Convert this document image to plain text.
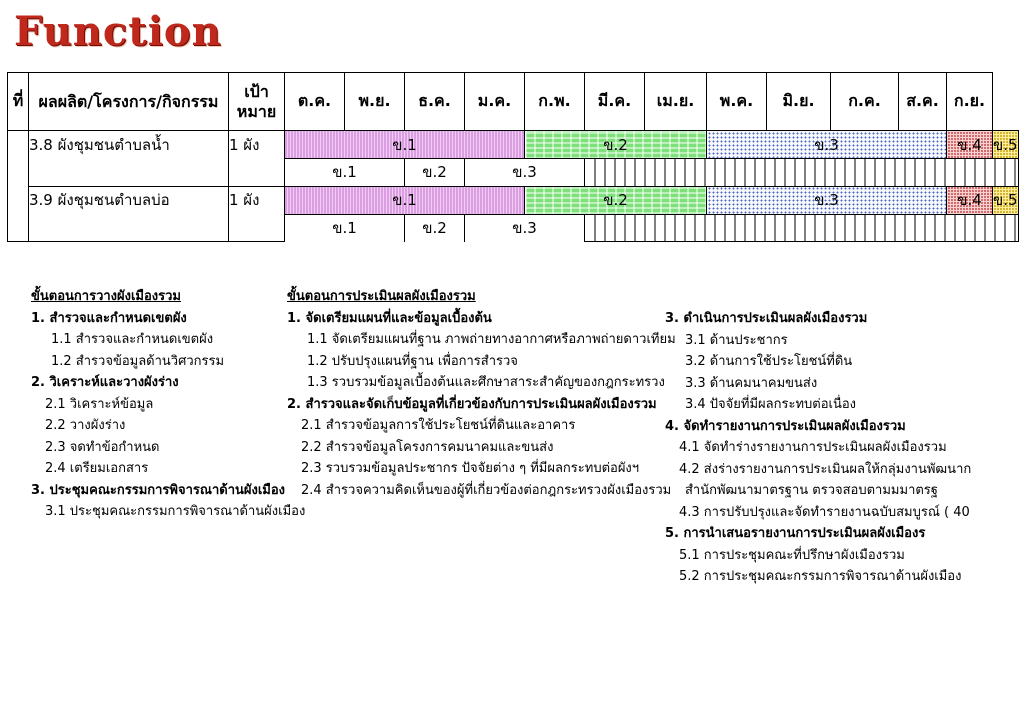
Function
ที่	ผลผลิต/โครงการ/กิจกรรม	เป้าหมาย	ต.ค.	พ.ย.	ธ.ค.	ม.ค.	ก.พ.	มี.ค.	เม.ย.	พ.ค.	มิ.ย.	ก.ค.	ส.ค.	ก.ย.	
	3.8 ผังชุมชนตำบลน้ำ	1 ผัง	ข.1				ข.2			ข.3				ข.4	ข.5
			ข.1		ข.2	ข.3									
	3.9 ผังชุมชนตำบลบ่อ	1 ผัง	ข.1				ข.2			ข.3				ข.4	ข.5
			ข.1		ข.2	ข.3									
ขั้นตอนการวางผังเมืองรวม
1. สำรวจและกำหนดเขตผัง
1.1 สำรวจและกำหนดเขตผัง
1.2 สำรวจข้อมูลด้านวิศวกรรม
2. วิเคราะห์และวางผังร่าง
2.1 วิเคราะห์ข้อมูล
2.2 วางผังร่าง
2.3 จดทำข้อกำหนด
2.4 เตรียมเอกสาร
3. ประชุมคณะกรรมการพิจารณาด้านผังเมือง
3.1 ประชุมคณะกรรมการพิจารณาด้านผังเมือง
ขั้นตอนการประเมินผลผังเมืองรวม
1. จัดเตรียมแผนที่และข้อมูลเบื้องต้น
1.1 จัดเตรียมแผนที่ฐาน ภาพถ่ายทางอากาศหรือภาพถ่ายดาวเทียม
1.2 ปรับปรุงแผนที่ฐาน เพื่อการสำรวจ
1.3 รวบรวมข้อมูลเบื้องต้นและศึกษาสาระสำคัญของกฎกระทรวง
2. สำรวจและจัดเก็บข้อมูลที่เกี่ยวข้องกับการประเมินผลผังเมืองรวม
2.1 สำรวจข้อมูลการใช้ประโยชน์ที่ดินและอาคาร
2.2 สำรวจข้อมูลโครงการคมนาคมและขนส่ง
2.3 รวบรวมข้อมูลประชากร ปัจจัยต่าง ๆ ที่มีผลกระทบต่อผังฯ
2.4 สำรวจความคิดเห็นของผู้ที่เกี่ยวข้องต่อกฎกระทรวงผังเมืองรวม
3. ดำเนินการประเมินผลผังเมืองรวม
3.1 ด้านประชากร
3.2 ด้านการใช้ประโยชน์ที่ดิน
3.3 ด้านคมนาคมขนส่ง
3.4 ปัจจัยที่มีผลกระทบต่อเนื่อง
4. จัดทำรายงานการประเมินผลผังเมืองรวม
4.1 จัดทำร่างรายงานการประเมินผลผังเมืองรวม
4.2 ส่งร่างรายงานการประเมินผลให้กลุ่มงานพัฒนาก
สำนักพัฒนามาตรฐาน ตรวจสอบตามมมาตรฐ
4.3 การปรับปรุงและจัดทำรายงานฉบับสมบูรณ์ ( 40
5. การนำเสนอรายงานการประเมินผลผังเมืองร
5.1 การประชุมคณะที่ปรึกษาผังเมืองรวม
5.2 การประชุมคณะกรรมการพิจารณาด้านผังเมือง
